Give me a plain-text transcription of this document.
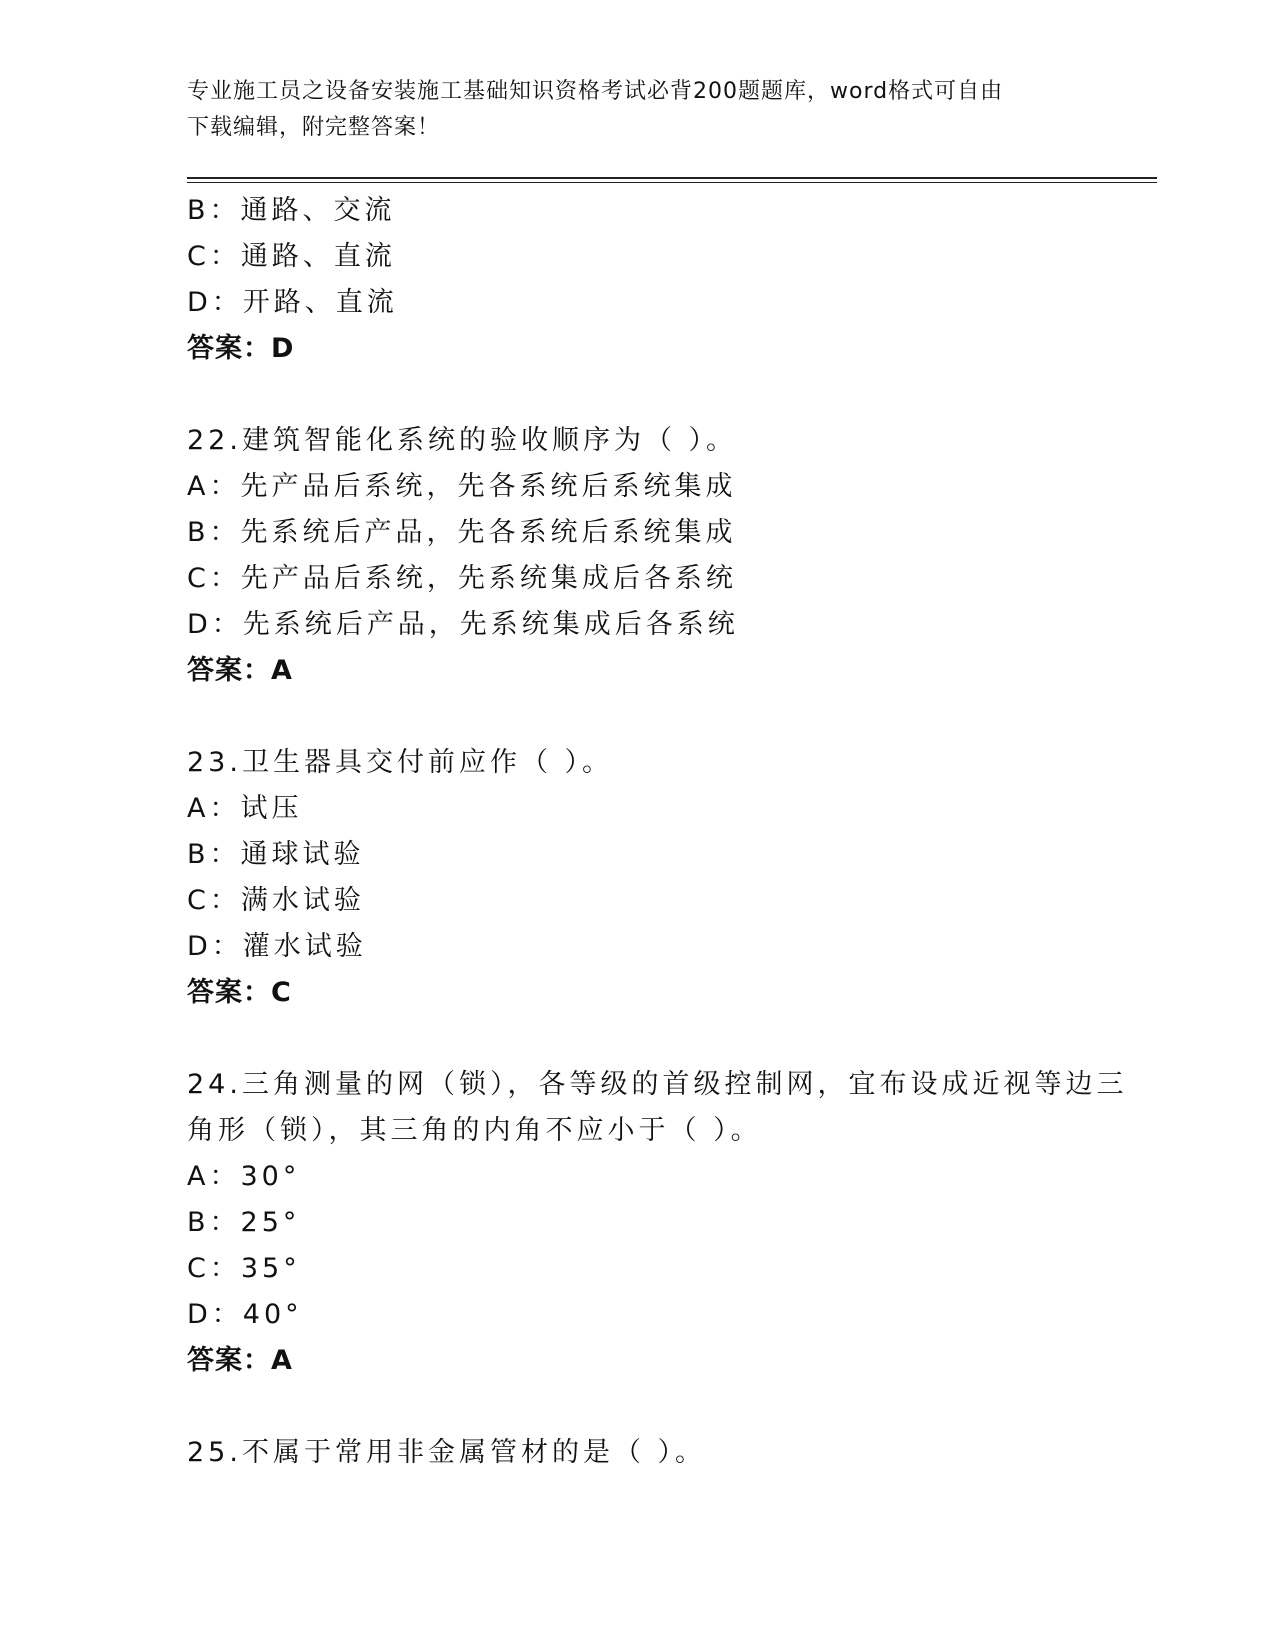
专业施工员之设备安装施工基础知识资格考试必背200题题库，word格式可自由
下载编辑，附完整答案！
B：通路、交流
C：通路、直流
D：开路、直流
答案：D
22.建筑智能化系统的验收顺序为（ ）。
A：先产品后系统，先各系统后系统集成
B：先系统后产品，先各系统后系统集成
C：先产品后系统，先系统集成后各系统
D：先系统后产品，先系统集成后各系统
答案：A
23.卫生器具交付前应作（ ）。
A：试压
B：通球试验
C：满水试验
D：灌水试验
答案：C
24.三角测量的网（锁），各等级的首级控制网，宜布设成近视等边三
角形（锁），其三角的内角不应小于（ ）。
A：30°
B：25°
C：35°
D：40°
答案：A
25.不属于常用非金属管材的是（ ）。
